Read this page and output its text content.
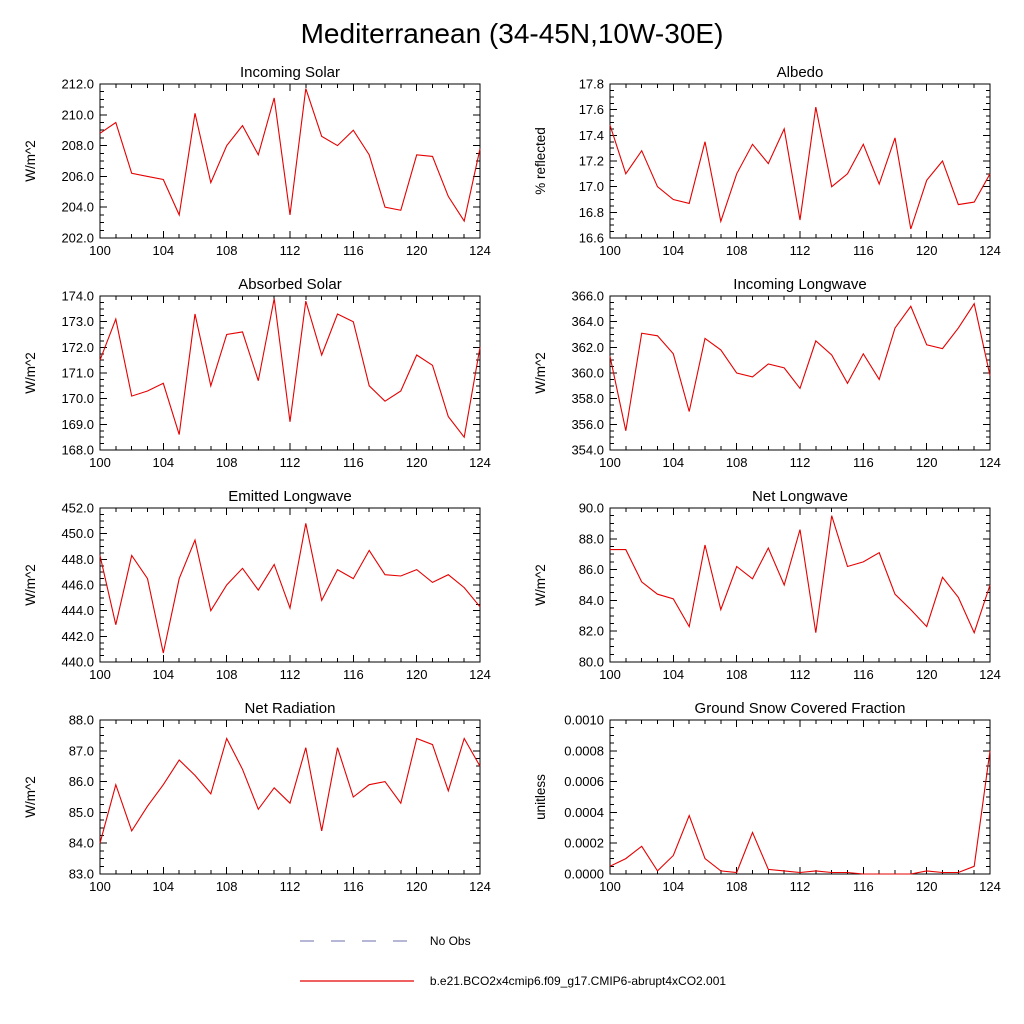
Mediterranean (34-45N,10W-30E)
Incoming Solar
W/m^2
100	104	108	112	116	120	124
202.0
204.0
206.0
208.0
210.0
212.0
Albedo
% reflected
100	104	108	112	116	120	124
16.6
16.8
17.0
17.2
17.4
17.6
17.8
Absorbed Solar
W/m^2
100	104	108	112	116	120	124
168.0
169.0
170.0
171.0
172.0
173.0
174.0
Incoming Longwave
W/m^2
100	104	108	112	116	120	124
354.0
356.0
358.0
360.0
362.0
364.0
366.0
Emitted Longwave
W/m^2
100	104	108	112	116	120	124
440.0
442.0
444.0
446.0
448.0
450.0
452.0
Net Longwave
W/m^2
100	104	108	112	116	120	124
80.0
82.0
84.0
86.0
88.0
90.0
Net Radiation
W/m^2
100	104	108	112	116	120	124
83.0
84.0
85.0
86.0
87.0
88.0
Ground Snow Covered Fraction
unitless
100	104	108	112	116	120	124
0.0000
0.0002
0.0004
0.0006
0.0008
0.0010
No Obs
b.e21.BCO2x4cmip6.f09_g17.CMIP6-abrupt4xCO2.001
